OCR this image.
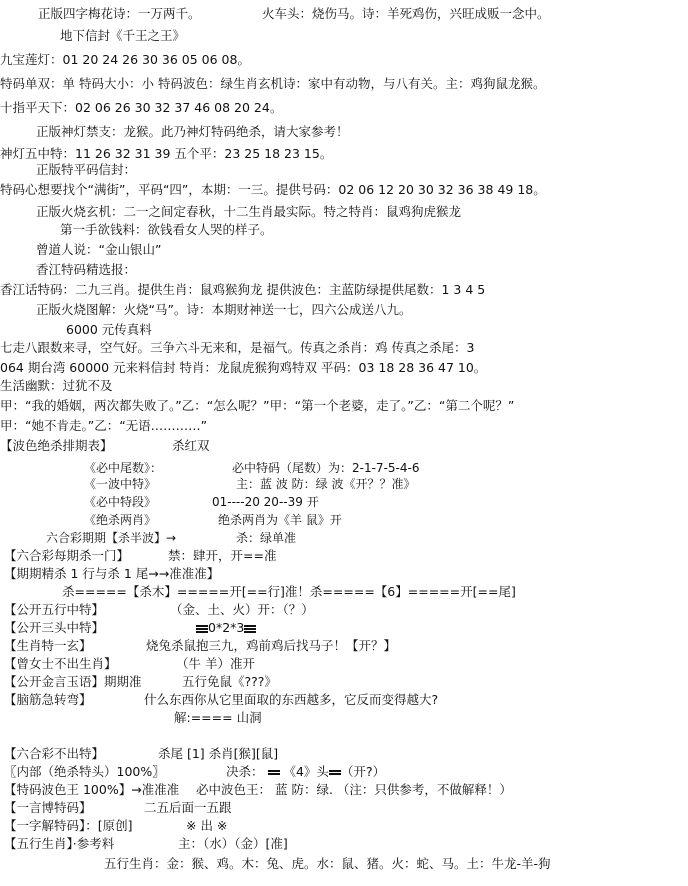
正版四字梅花诗：一万两千。	火车头：烧伤马。诗：羊死鸡伤，兴旺成贩一念中。
地下信封《千王之王》
九宝莲灯：01 20 24 26 30 36 05 06 08。
特码单双：单 特码大小：小 特码波色：绿生肖玄机诗：家中有动物，与八有关。主：鸡狗鼠龙猴。
十指平天下：02 06 26 30 32 37 46 08 20 24。
正版神灯禁支：龙猴。此乃神灯特码绝杀，请大家参考！
神灯五中特：11 26 32 31 39 五个平：23 25 18 23 15。
正版特平码信封：
特码心想要找个“满街”，平码“四”，本期：一三。提供号码：02 06 12 20 30 32 36 38 49 18。
正版火烧玄机：二一之间定春秋，十二生肖最实际。特之特肖：鼠鸡狗虎猴龙
第一手欲钱料：欲钱看女人哭的样子。
曾道人说：“金山银山”
香江特码精选报：
香江话特码：二九三肖。提供生肖：鼠鸡猴狗龙 提供波色：主蓝防绿提供尾数：1 3 4 5
正版火烧图解：火烧“马”。诗：本期财神送一七，四六公成送八九。
6000 元传真料
七走八跟数来寻，空气好。三争六斗无来和，是福气。传真之杀肖：鸡 传真之杀尾：3
064 期台湾 60000 元来料信封 特肖：龙鼠虎猴狗鸡特双 平码：03 18 28 36 47 10。
生活幽默：过犹不及
甲：“我的婚姻，两次都失败了。”乙：“怎么呢？”甲：“第一个老婆，走了。”乙：“第二个呢？”
甲：“她不肯走。”乙：“无语…………”
【波色绝杀排期表】	杀红双
《必中尾数》：	必中特码（尾数）为：2-1-7-5-4-6
《一波中特》	主：蓝 波 防：绿 波《开？？准》
《必中特段》	01----20 20--39 开
《绝杀两肖》	绝杀两肖为《羊 鼠》开
六合彩期期【杀半波】→	杀：绿单准
【六合彩每期杀一门】	禁：肆开，开==准
【期期精杀 1 行与杀 1 尾→→准准准】
杀=====【杀木】=====开[==行]准！杀=====【6】=====开[==尾]
【公开五行中特】	（金、土、火）开：（？）
【公开三头中特】	0*2*3
【生肖特一玄】	烧兔杀鼠抱三九，鸡前鸡后找马子！【开？】
【曾女士不出生肖】	（牛 羊）准开
【公开金言玉语】期期准	五行免鼠《???》
【脑筋急转弯】	什么东西你从它里面取的东西越多，它反而变得越大?
解:==== 山洞
【六合彩不出特】	杀尾 [1] 杀肖[猴][鼠]
〖内部（绝杀特头）100%〗	决杀： 《4》头 （开?）
【特码波色王 100%】→准准准 必中波色王： 蓝 防：绿. （注：只供参考，不做解释！）
【一言博特码】	二五后面一五跟
【一字解特码】：[原创]	※ 出 ※
【五行生肖】·参考料	主：（水）（金）[准]
五行生肖：金：猴、鸡。木：兔、虎。水：鼠、猪。火：蛇、马。土：牛龙-羊-狗
